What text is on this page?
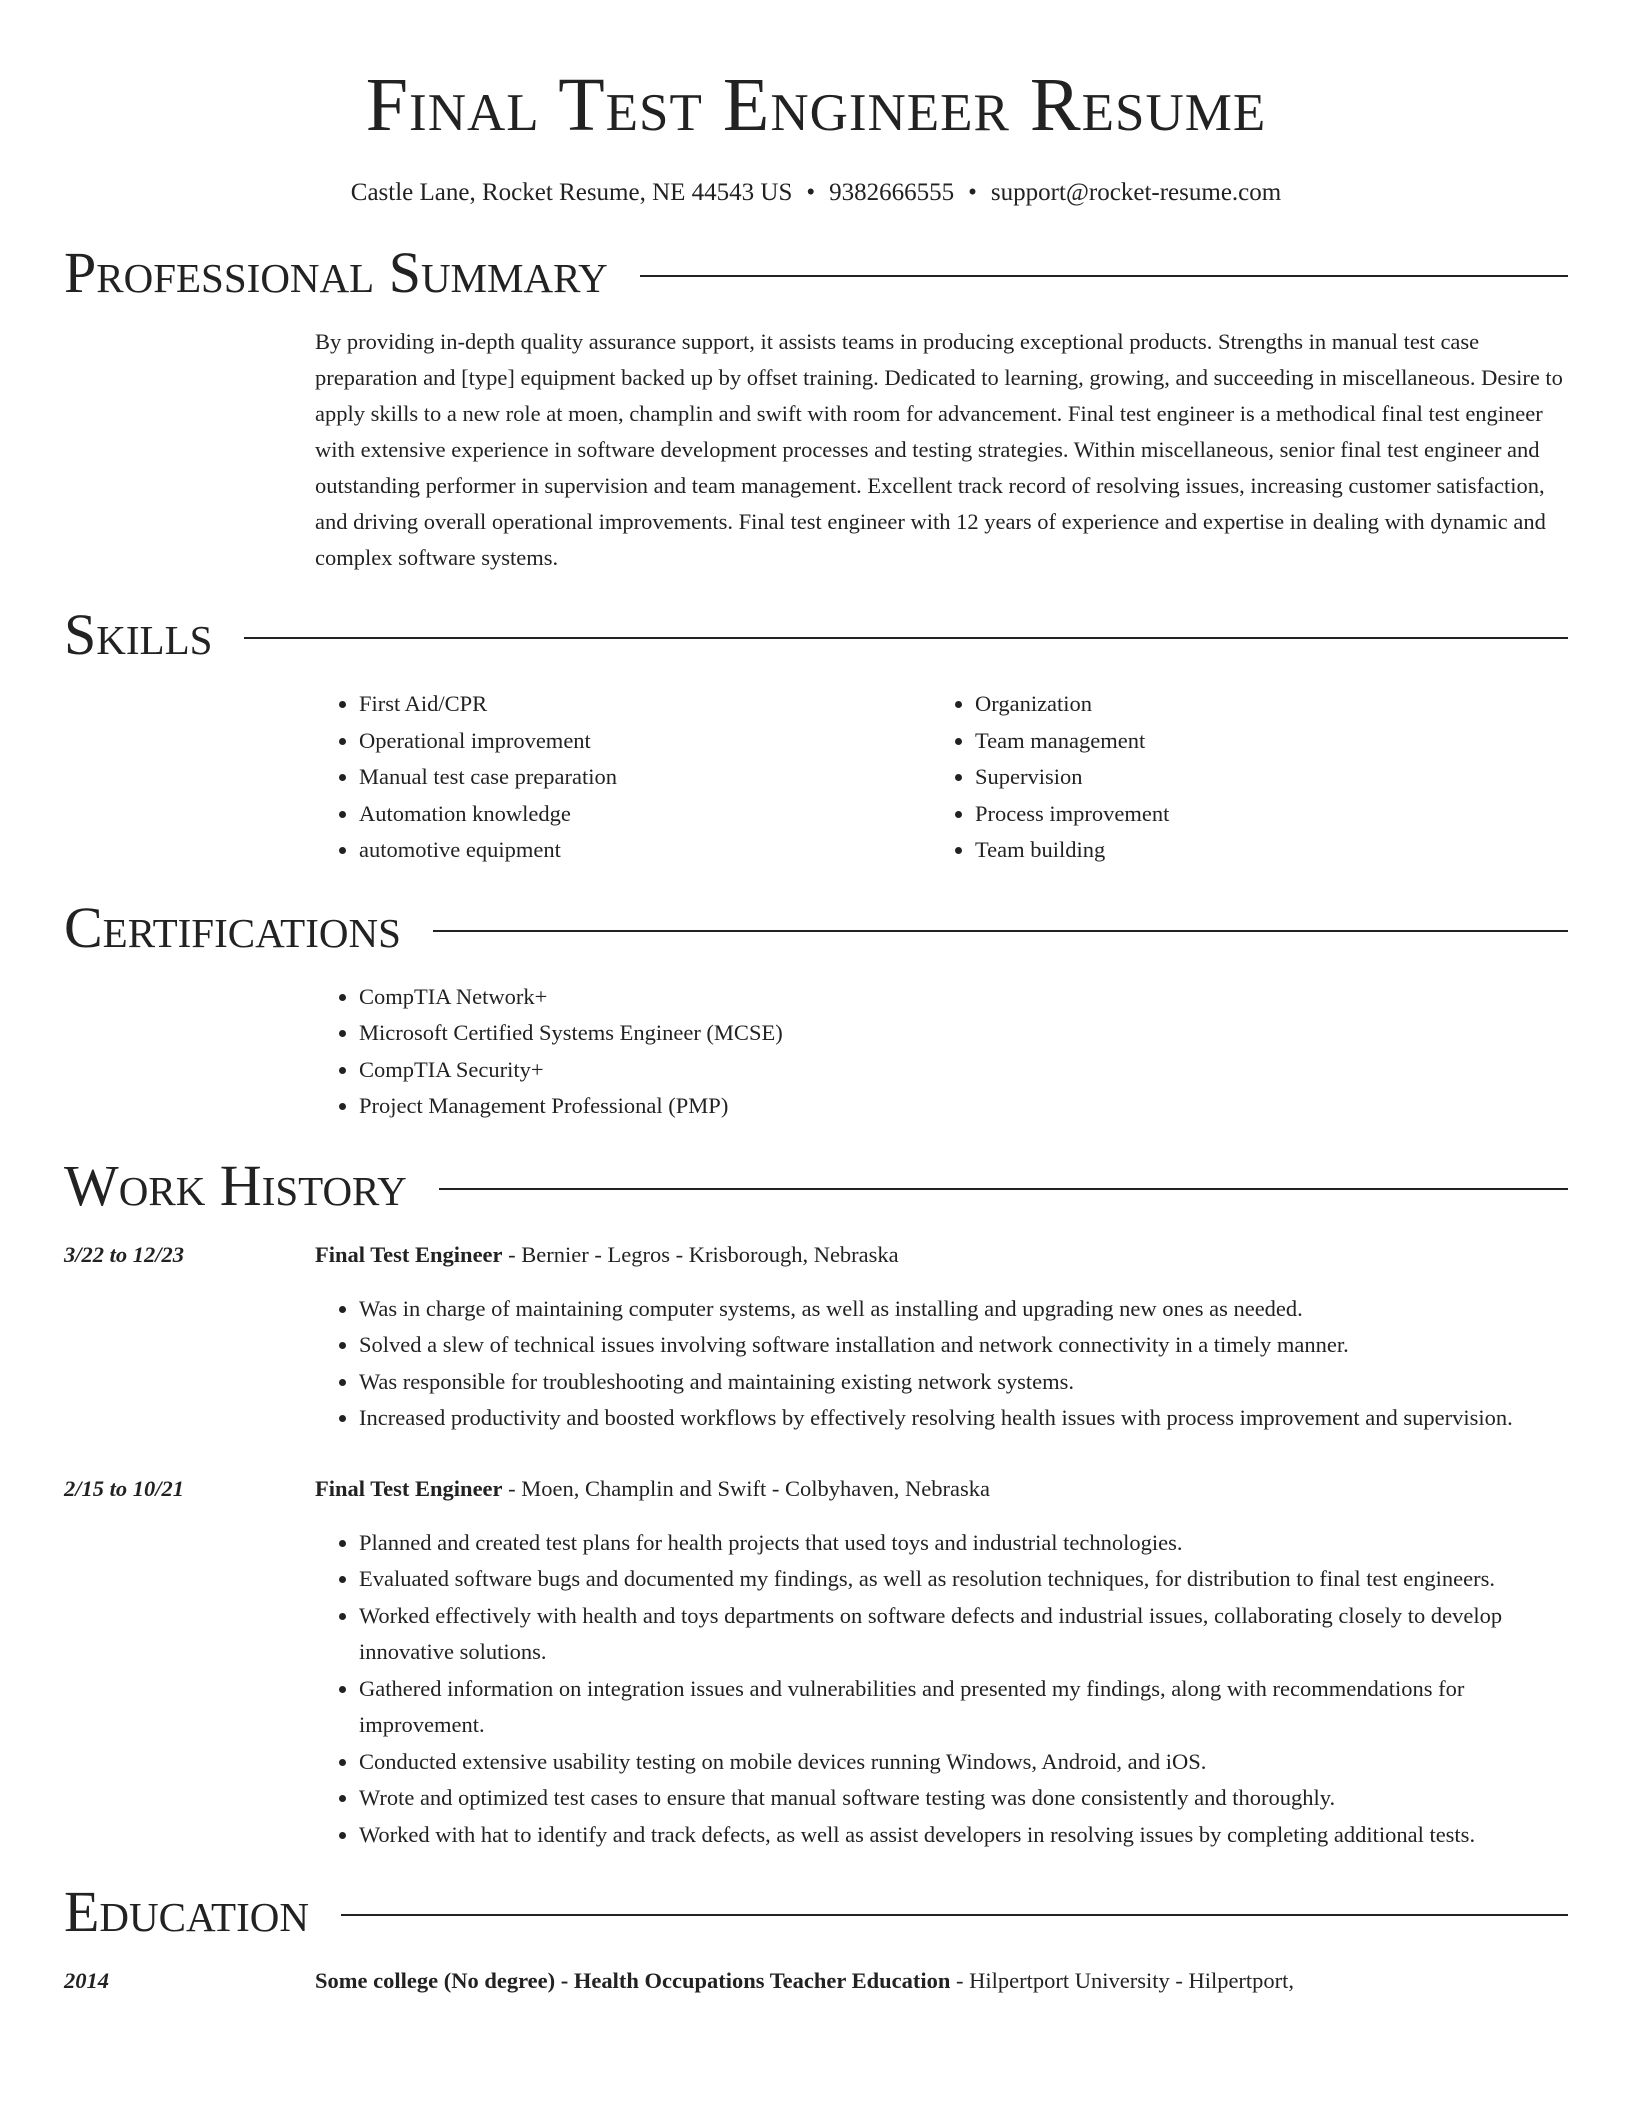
Final Test Engineer Resume
Castle Lane, Rocket Resume, NE 44543 US • 9382666555 • support@rocket-resume.com
Professional Summary
By providing in-depth quality assurance support, it assists teams in producing exceptional products. Strengths in manual test case preparation and [type] equipment backed up by offset training. Dedicated to learning, growing, and succeeding in miscellaneous. Desire to apply skills to a new role at moen, champlin and swift with room for advancement. Final test engineer is a methodical final test engineer with extensive experience in software development processes and testing strategies. Within miscellaneous, senior final test engineer and outstanding performer in supervision and team management. Excellent track record of resolving issues, increasing customer satisfaction, and driving overall operational improvements. Final test engineer with 12 years of experience and expertise in dealing with dynamic and complex software systems.
Skills
• First Aid/CPR
• Operational improvement
• Manual test case preparation
• Automation knowledge
• automotive equipment
• Organization
• Team management
• Supervision
• Process improvement
• Team building
Certifications
• CompTIA Network+
• Microsoft Certified Systems Engineer (MCSE)
• CompTIA Security+
• Project Management Professional (PMP)
Work History
3/22 to 12/23	Final Test Engineer - Bernier - Legros - Krisborough, Nebraska
• Was in charge of maintaining computer systems, as well as installing and upgrading new ones as needed.
• Solved a slew of technical issues involving software installation and network connectivity in a timely manner.
• Was responsible for troubleshooting and maintaining existing network systems.
• Increased productivity and boosted workflows by effectively resolving health issues with process improvement and supervision.
2/15 to 10/21	Final Test Engineer - Moen, Champlin and Swift - Colbyhaven, Nebraska
• Planned and created test plans for health projects that used toys and industrial technologies.
• Evaluated software bugs and documented my findings, as well as resolution techniques, for distribution to final test engineers.
• Worked effectively with health and toys departments on software defects and industrial issues, collaborating closely to develop innovative solutions.
• Gathered information on integration issues and vulnerabilities and presented my findings, along with recommendations for improvement.
• Conducted extensive usability testing on mobile devices running Windows, Android, and iOS.
• Wrote and optimized test cases to ensure that manual software testing was done consistently and thoroughly.
• Worked with hat to identify and track defects, as well as assist developers in resolving issues by completing additional tests.
Education
2014	Some college (No degree) - Health Occupations Teacher Education - Hilpertport University - Hilpertport,
